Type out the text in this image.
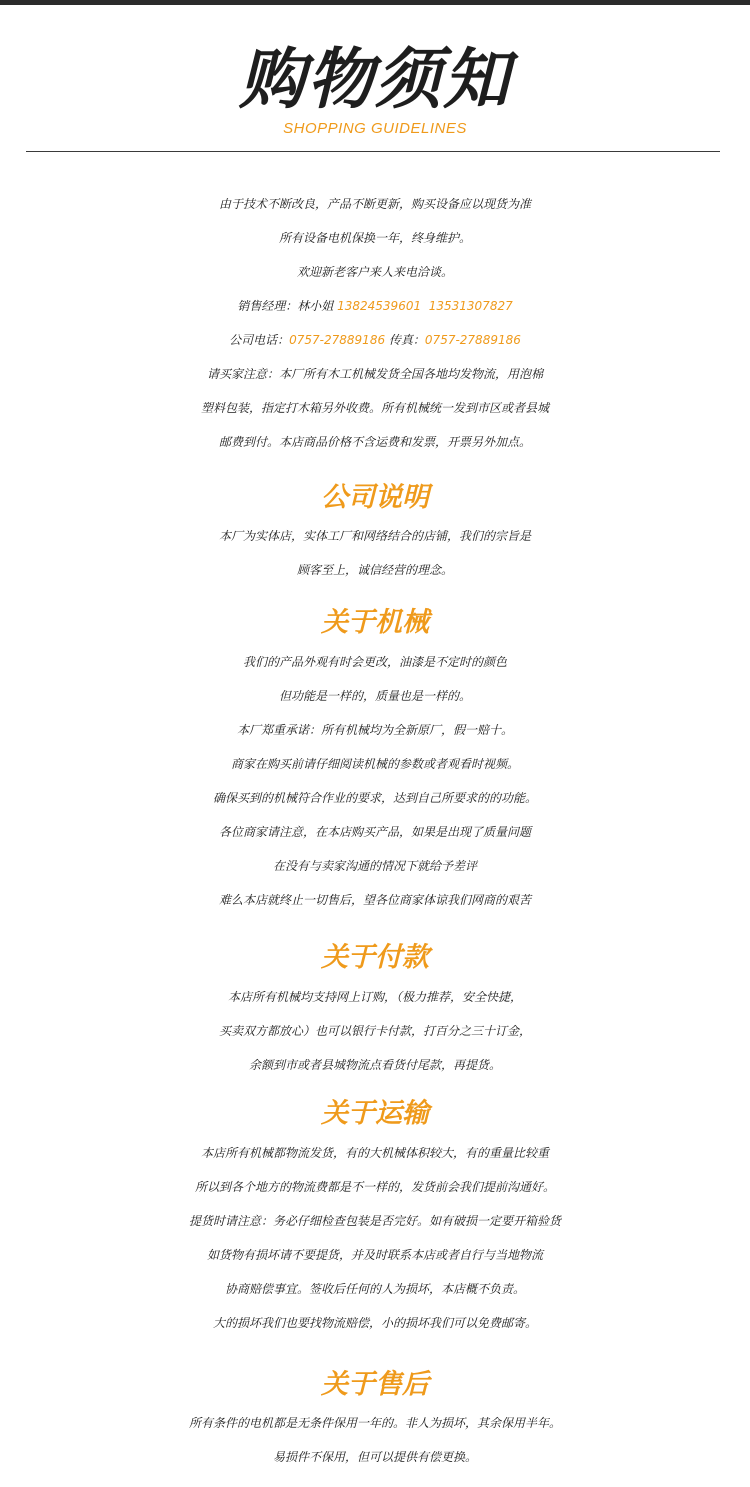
购物须知
SHOPPING GUIDELINES
由于技术不断改良，产品不断更新，购买设备应以现货为准
所有设备电机保换一年，终身维护。
欢迎新老客户来人来电洽谈。
销售经理：林小姐 13824539601 13531307827
公司电话：0757-27889186 传真：0757-27889186
请买家注意：本厂所有木工机械发货全国各地均发物流，用泡棉
塑料包装，指定打木箱另外收费。所有机械统一发到市区或者县城
邮费到付。本店商品价格不含运费和发票，开票另外加点。
公司说明
本厂为实体店，实体工厂和网络结合的店铺，我们的宗旨是
顾客至上，诚信经营的理念。
关于机械
我们的产品外观有时会更改，油漆是不定时的颜色
但功能是一样的，质量也是一样的。
本厂郑重承诺：所有机械均为全新原厂，假一赔十。
商家在购买前请仔细阅读机械的参数或者观看时视频。
确保买到的机械符合作业的要求，达到自己所要求的的功能。
各位商家请注意，在本店购买产品，如果是出现了质量问题
在没有与卖家沟通的情况下就给予差评
难么本店就终止一切售后，望各位商家体谅我们网商的艰苦
关于付款
本店所有机械均支持网上订购，（极力推荐，安全快捷，
买卖双方都放心）也可以银行卡付款，打百分之三十订金，
余额到市或者县城物流点看货付尾款，再提货。
关于运输
本店所有机械都物流发货，有的大机械体积较大，有的重量比较重
所以到各个地方的物流费都是不一样的，发货前会我们提前沟通好。
提货时请注意：务必仔细检查包装是否完好。如有破损一定要开箱验货
如货物有损坏请不要提货，并及时联系本店或者自行与当地物流
协商赔偿事宜。签收后任何的人为损坏，本店概不负责。
大的损坏我们也要找物流赔偿，小的损坏我们可以免费邮寄。
关于售后
所有条件的电机都是无条件保用一年的。非人为损坏，其余保用半年。
易损件不保用，但可以提供有偿更换。
